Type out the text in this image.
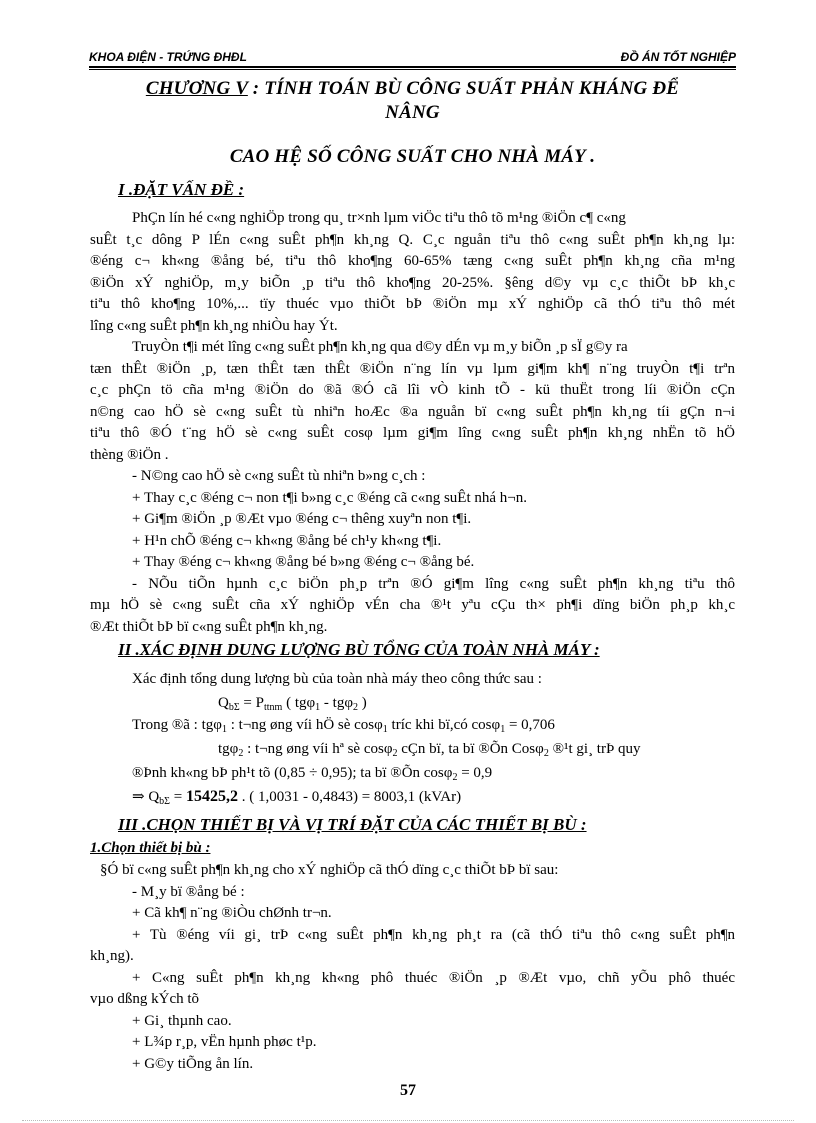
KHOA ĐIỆN - TRỨNG ĐHĐL	ĐỒ ÁN TỐT NGHIỆP
CHƯƠNG V : TÍNH TOÁN BÙ CÔNG SUẤT PHẢN KHÁNG ĐỂ
NÂNG
CAO HỆ SỐ CÔNG SUẤT CHO NHÀ MÁY .
I .ĐẶT VẤN ĐỀ :
PhÇn lín hé c«ng nghiÖp trong qu¸ tr×nh lµm viÖc tiªu thô tõ m¹ng ®iÖn c¶ c«ng
suÊt t¸c dông P lÉn c«ng suÊt ph¶n kh¸ng Q. C¸c nguån tiªu thô c«ng suÊt ph¶n kh¸ng lµ:
®éng c¬ kh«ng ®ång bé, tiªu thô kho¶ng 60-65% tæng c«ng suÊt ph¶n kh¸ng cña m¹ng
®iÖn xÝ nghiÖp, m¸y biÕn ¸p tiªu thô kho¶ng 20-25%. §êng d©y vµ c¸c thiÕt bÞ kh¸c
tiªu thô kho¶ng 10%,... tïy thuéc vµo thiÕt bÞ ®iÖn mµ xÝ nghiÖp cã thÓ tiªu thô mét
lîng c«ng suÊt ph¶n kh¸ng nhiÒu hay Ýt.
TruyÒn t¶i mét lîng c«ng suÊt ph¶n kh¸ng qua d©y dÉn vµ m¸y biÕn ¸p sÏ g©y ra
tæn thÊt ®iÖn ¸p, tæn thÊt tæn thÊt ®iÖn n¨ng lín vµ lµm gi¶m kh¶ n¨ng truyÒn t¶i trªn
c¸c phÇn tö cña m¹ng ®iÖn do ®ã ®Ó cã lîi vÒ kinh tÕ - kü thuËt trong líi ®iÖn cÇn
n©ng cao hÖ sè c«ng suÊt tù nhiªn hoÆc ®a nguån bï c«ng suÊt ph¶n kh¸ng tíi gÇn n¬i
tiªu thô ®Ó t¨ng hÖ sè c«ng suÊt cosφ lµm gi¶m lîng c«ng suÊt ph¶n kh¸ng nhËn tõ hÖ
thèng ®iÖn .
- N©ng cao hÖ sè c«ng suÊt tù nhiªn b»ng c¸ch :
+ Thay c¸c ®éng c¬ non t¶i b»ng c¸c ®éng cã c«ng suÊt nhá h¬n.
+ Gi¶m ®iÖn ¸p ®Æt vµo ®éng c¬ thêng xuyªn non t¶i.
+ H¹n chÕ ®éng c¬ kh«ng ®ång bé ch¹y kh«ng t¶i.
+ Thay ®éng c¬ kh«ng ®ång bé b»ng ®éng c¬ ®ång bé.
- NÕu tiÕn hµnh c¸c biÖn ph¸p trªn ®Ó gi¶m lîng c«ng suÊt ph¶n kh¸ng tiªu thô
mµ hÖ sè c«ng suÊt cña xÝ nghiÖp vÉn cha ®¹t yªu cÇu th× ph¶i dïng biÖn ph¸p kh¸c
®Æt thiÕt bÞ bï c«ng suÊt ph¶n kh¸ng.
II .XÁC ĐỊNH DUNG LƯỢNG BÙ TỔNG CỦA TOÀN NHÀ MÁY :
Xác định tổng dung lượng bù của toàn nhà máy theo công thức sau :
$Q_{b\Sigma} = P_{ttnm}$ ( tgφ$_1$ - tgφ$_2$ )
Trong ®ã : tgφ$_1$ : t¬ng øng víi hÖ sè cosφ$_1$ tríc khi bï,có cosφ$_1$ = 0,706
tgφ$_2$ : t¬ng øng víi hª sè cosφ$_2$ cÇn bï, ta bï ®Õn Cosφ$_2$ ®¹t gi¸ trÞ quy
®Þnh kh«ng bÞ ph¹t tõ (0,85 ÷ 0,95); ta bï ®Õn cosφ$_2$ = 0,9
⇒ $Q_{b\Sigma} = 15425,2$ . ( 1,0031 - 0,4843) = 8003,1 (kVAr)
III .CHỌN THIẾT BỊ VÀ VỊ TRÍ ĐẶT CỦA CÁC THIẾT BỊ BÙ :
1.Chọn thiết bị bù :
§Ó bï c«ng suÊt ph¶n kh¸ng cho xÝ nghiÖp cã thÓ dïng c¸c thiÕt bÞ bï sau:
- M¸y bï ®ång bé :
+ Cã kh¶ n¨ng ®iÒu chØnh tr¬n.
+ Tù ®éng víi gi¸ trÞ c«ng suÊt ph¶n kh¸ng ph¸t ra (cã thÓ tiªu thô c«ng suÊt ph¶n
kh¸ng).
+ C«ng suÊt ph¶n kh¸ng kh«ng phô thuéc ®iÖn ¸p ®Æt vµo, chñ yÕu phô thuéc
vµo dßng kÝch tõ
+ Gi¸ thµnh cao.
+ L¾p r¸p, vËn hµnh phøc t¹p.
+ G©y tiÕng ån lín.
57
